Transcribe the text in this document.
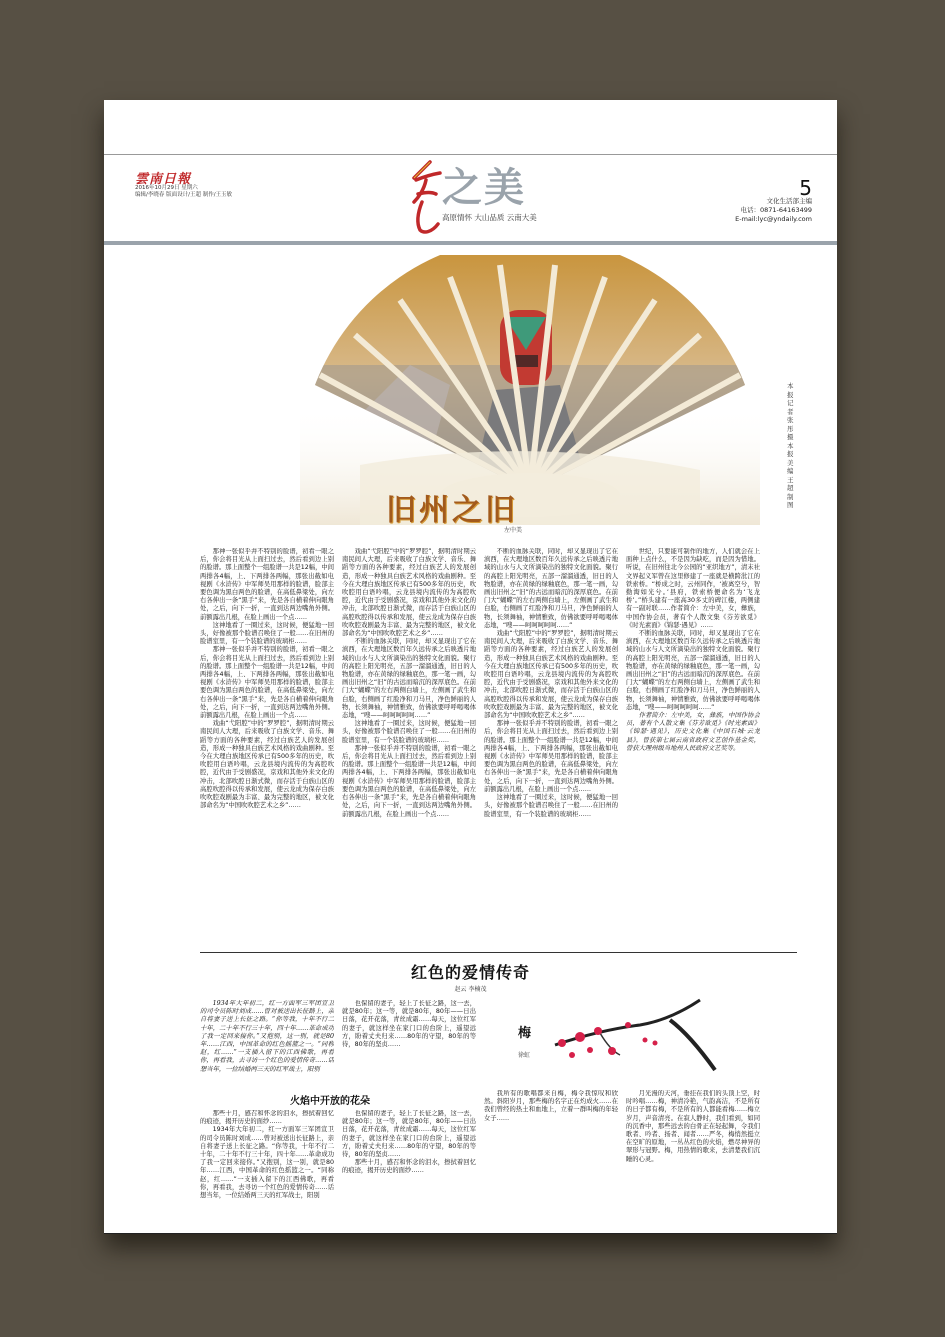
雲南日報
2016年10月29日 星期六
编辑/李晓春 版面设计/王超 制作/王玉敏	之美
高原情怀 大山品质 云南大美
5
文化生活部主编
电话：0871-64163499
E-mail:lyc@yndaily.com
本报记者 张彤 摄 本报美编 王超 制图
旧州之旧
左中美

那神一张似乎并不特别的脸谱，初看一眼之后，你会将目光从上面扫过去，然后看到边上别的脸谱。那上面整个一组脸谱一共是12幅，中间两排各4幅，上、下两排各两幅，那张出截如电视剧《水浒传》中军师吴用那样的脸谱，脸部主要色调为黑白两色的脸谱，在高低鼻梁处，向左右各伸出一条“黑手”来，先是各自横着伸向眼角处，之后，向下一折，一直到达两边嘴角外侧。前额露出几根，在脸上画出一个点……

这神地看了一圈过来，这时候，便猛地一回头，好像被那个脸谱召唤住了一般……在旧州的脸谱室里，有一个装脸谱的玻璃柜……

那神一张似乎并不特别的脸谱，初看一眼之后，你会将目光从上面扫过去，然后看到边上别的脸谱。那上面整个一组脸谱一共是12幅，中间两排各4幅，上、下两排各两幅，那张出截如电视剧《水浒传》中军师吴用那样的脸谱，脸部主要色调为黑白两色的脸谱，在高低鼻梁处，向左右各伸出一条“黑手”来，先是各自横着伸向眼角处，之后，向下一折，一直到达两边嘴角外侧。前额露出几根，在脸上画出一个点……

戏曲“弋阳腔”中的“罗罗腔”，据明清时期云南民间人大理，后来吸收了白族文学、音乐、舞蹈等方面的各种要素，经过白族艺人的发展创造，形成一种独具白族艺术风格的戏曲剧种。至今在大理白族地区传承已有500多年的历史，吹吹腔用白语吟唱，云龙县境内流传的为高腔吹腔，近代由于受剧盛况，京戏和其他外来文化的冲击，北部吹腔日渐式微，而存活于白族山区的高腔吹腔得以传承和发展，使云龙成为保存白族吹吹腔戏剧最为丰富、最为完整的地区，被文化部命名为“中国吹吹腔艺术之乡”……

戏曲“弋阳腔”中的“罗罗腔”，据明清时期云南民间人大理，后来吸收了白族文学、音乐、舞蹈等方面的各种要素，经过白族艺人的发展创造，形成一种独具白族艺术风格的戏曲剧种。至今在大理白族地区传承已有500多年的历史，吹吹腔用白语吟唱，云龙县境内流传的为高腔吹腔，近代由于受剧盛况，京戏和其他外来文化的冲击，北部吹腔日渐式微，而存活于白族山区的高腔吹腔得以传承和发展，使云龙成为保存白族吹吹腔戏剧最为丰富、最为完整的地区，被文化部命名为“中国吹吹腔艺术之乡”……

不断的血脉关联，同时，却又显现出了它在滇西，在大理地区数百年久远传承之后映透片地域的山水与人文所滴染出的独特文化面貌。聚行的高腔上阳光明亮，五部一溜溜通透，旧日的人物脸谱，亦在黄绿的绿釉底色，那一笔一画，勾画出旧州之“旧”的古远而暗沉的深厚底色。在前门大“蝴蝶”的左右两侧白墙上，左侧画了武生和白脸，右侧画了红脸净和刀马旦，净色鲜丽的人物，长须舞袖，神情雅致，仿佛欲要呼呼喝喝体态地，“嗖——呵呵呵呵呵……”

这神地看了一圈过来，这时候，便猛地一回头，好像被那个脸谱召唤住了一般……在旧州的脸谱室里，有一个装脸谱的玻璃柜……

那神一张似乎并不特别的脸谱，初看一眼之后，你会将目光从上面扫过去，然后看到边上别的脸谱。那上面整个一组脸谱一共是12幅，中间两排各4幅，上、下两排各两幅，那张出截如电视剧《水浒传》中军师吴用那样的脸谱，脸部主要色调为黑白两色的脸谱，在高低鼻梁处，向左右各伸出一条“黑手”来，先是各自横着伸向眼角处，之后，向下一折，一直到达两边嘴角外侧。前额露出几根，在脸上画出一个点……

不断的血脉关联，同时，却又显现出了它在滇西，在大理地区数百年久远传承之后映透片地域的山水与人文所滴染出的独特文化面貌。聚行的高腔上阳光明亮，五部一溜溜通透，旧日的人物脸谱，亦在黄绿的绿釉底色，那一笔一画，勾画出旧州之“旧”的古远而暗沉的深厚底色。在前门大“蝴蝶”的左右两侧白墙上，左侧画了武生和白脸，右侧画了红脸净和刀马旦，净色鲜丽的人物，长须舞袖，神情雅致，仿佛欲要呼呼喝喝体态地，“嗖——呵呵呵呵呵……”

戏曲“弋阳腔”中的“罗罗腔”，据明清时期云南民间人大理，后来吸收了白族文学、音乐、舞蹈等方面的各种要素，经过白族艺人的发展创造，形成一种独具白族艺术风格的戏曲剧种。至今在大理白族地区传承已有500多年的历史，吹吹腔用白语吟唱，云龙县境内流传的为高腔吹腔，近代由于受剧盛况，京戏和其他外来文化的冲击，北部吹腔日渐式微，而存活于白族山区的高腔吹腔得以传承和发展，使云龙成为保存白族吹吹腔戏剧最为丰富、最为完整的地区，被文化部命名为“中国吹吹腔艺术之乡”……

那神一张似乎并不特别的脸谱，初看一眼之后，你会将目光从上面扫过去，然后看到边上别的脸谱。那上面整个一组脸谱一共是12幅，中间两排各4幅，上、下两排各两幅，那张出截如电视剧《水浒传》中军师吴用那样的脸谱，脸部主要色调为黑白两色的脸谱，在高低鼻梁处，向左右各伸出一条“黑手”来，先是各自横着伸向眼角处，之后，向下一折，一直到达两边嘴角外侧。前额露出几根，在脸上画出一个点……

这神地看了一圈过来，这时候，便猛地一回头，好像被那个脸谱召唤住了一般……在旧州的脸谱室里，有一个装脸谱的玻璃柜……

世纪，只要能可制作的地方，人们就会在上面种上点什么，不是因为缺吃，而是因为惜地。听说，在旧州往北今公园的“亚织地方”，清末社文界起义军曾在这里修建了一座就是横跨沘江的铁索桥。“桥成之时，云州同作，‘被离空兮，智勤淘如光兮。’县府，铁索桥便命名为‘飞龙桥’。”桥头建有一座高30多丈的碑江楼，两侧建有一副对联……作者简介：左中美，女，彝族，中国作协会员，著有个人散文集《芬芳欲觅》《时光素面》《锦瑟·遇见》……

不断的血脉关联，同时，却又显现出了它在滇西，在大理地区数百年久远传承之后映透片地域的山水与人文所滴染出的独特文化面貌。聚行的高腔上阳光明亮，五部一溜溜通透，旧日的人物脸谱，亦在黄绿的绿釉底色，那一笔一画，勾画出旧州之“旧”的古远而暗沉的深厚底色。在前门大“蝴蝶”的左右两侧白墙上，左侧画了武生和白脸，右侧画了红脸净和刀马旦，净色鲜丽的人物，长须舞袖，神情雅致，仿佛欲要呼呼喝喝体态地，“嗖——呵呵呵呵呵……”

作者简介：左中美，女，彝族，中国作协会员，著有个人散文集《芬芳欲觅》《时光素面》《锦瑟·遇见》，历史文化集《中国石城·云龙县》，曾获第七届云南省政府文艺创作基金奖，曾获大理州级当地州人民政府文艺奖等。

红色的爱情传奇
赵云 李楠茂

1934年大年初二，红一方面军三军团宣卫的司令员陈时刘成……曾对被送出长征路上，亲自将妻子送上长征之路。“你等我，十年不行二十年，二十年不行三十年，四十年……革命成功了我一定回来接你。”又抱别，这一别，就是80年……江西，中国革命的红色摇篮之一。“同称赵，红……”一支插入留下的江西佛歌，再看你，再看我，去寻访一个红色的爱情传奇……话想当年，一位结婚两三天的红军战士，阳别

也保留的妻子，轻上了长征之路，这一去，就是80年；这一等，就是80年，80年——日出日落，花开花落，青丝成霜……每天，这位红军的妻子，就这样坐在家门口的台阶上，遥望远方，盼着丈夫归来……80年的守望，80年的等待，80年的坚贞……

火焰中开放的花朵

那些十月，感召和怀念的泪水，擦拭着回忆的痕迹，揭开历史的面纱……

1934年大年初二，红一方面军三军团宣卫的司令员陈时刘成……曾对被送出长征路上，亲自将妻子送上长征之路。“你等我，十年不行二十年，二十年不行三十年，四十年……革命成功了我一定回来接你。”又抱别，这一别，就是80年……江西，中国革命的红色摇篮之一。“同称赵，红……”一支插入留下的江西佛歌，再看你，再看我，去寻访一个红色的爱情传奇……话想当年，一位结婚两三天的红军战士，阳别

也保留的妻子，轻上了长征之路，这一去，就是80年；这一等，就是80年，80年——日出日落，花开花落，青丝成霜……每天，这位红军的妻子，就这样坐在家门口的台阶上，遥望远方，盼着丈夫归来……80年的守望，80年的等待，80年的坚贞……

那些十月，感召和怀念的泪水，擦拭着回忆的痕迹，揭开历史的面纱……

梅
徐虹

我所有的歌唱都来自梅，梅令我惊叹和欣然。斜阳岁月，那些梅的名字正在灼成火……在我们曾经的热土和血地上，立着一群叫梅的年轻女子……

月光漫的天河，垂挂在我们的头顶上空，时时吟唱……梅，神清冷艳，气韵高洁，不是所有的日子都有梅，不是所有的人都能看梅……梅立岁月，声音清亮。在寂人静时，我们看到，如同的沉香中，那些远去的白骨正在轻起舞，令我们歌者、吟者、扬者、闻者……严冬，梅悄然挺立在空旷的原地，一丛丛红色的火焰，燃尽神异的翠形与冠野。梅，用热情的歌来，去清楚我们沉睡的心灵。
